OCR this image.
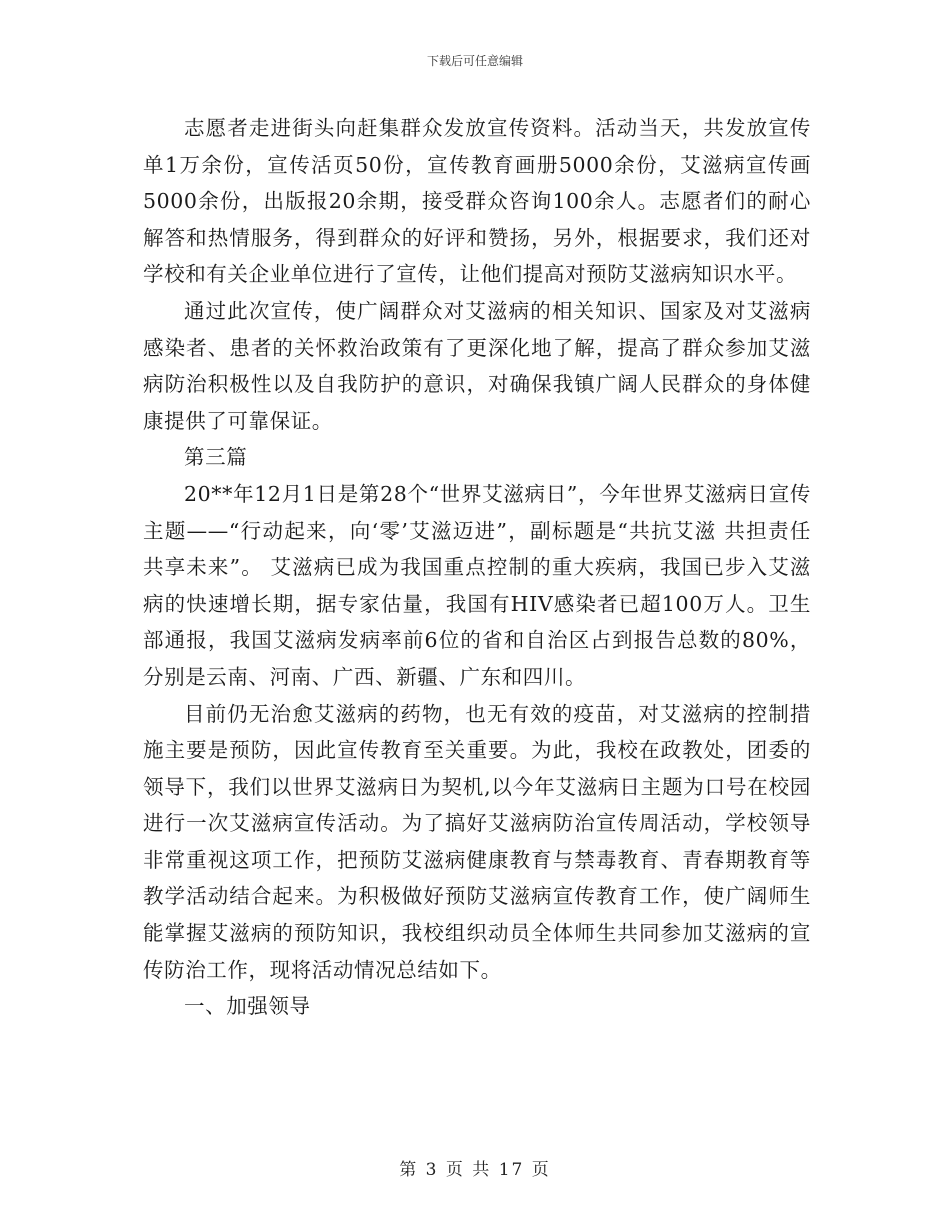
下载后可任意编辑

志愿者走进街头向赶集群众发放宣传资料。活动当天，共发放宣传单1万余份，宣传活页50份，宣传教育画册5000余份，艾滋病宣传画5000余份，出版报20余期，接受群众咨询100余人。志愿者们的耐心解答和热情服务，得到群众的好评和赞扬，另外，根据要求，我们还对学校和有关企业单位进行了宣传，让他们提高对预防艾滋病知识水平。

通过此次宣传，使广阔群众对艾滋病的相关知识、国家及对艾滋病感染者、患者的关怀救治政策有了更深化地了解，提高了群众参加艾滋病防治积极性以及自我防护的意识，对确保我镇广阔人民群众的身体健康提供了可靠保证。

第三篇

20**年12月1日是第28个“世界艾滋病日”，今年世界艾滋病日宣传主题——“行动起来，向‘零’艾滋迈进”，副标题是“共抗艾滋 共担责任 共享未来”。 艾滋病已成为我国重点控制的重大疾病，我国已步入艾滋病的快速增长期，据专家估量，我国有HIV感染者已超100万人。卫生部通报，我国艾滋病发病率前6位的省和自治区占到报告总数的80%，分别是云南、河南、广西、新疆、广东和四川。

目前仍无治愈艾滋病的药物，也无有效的疫苗，对艾滋病的控制措施主要是预防，因此宣传教育至关重要。为此，我校在政教处，团委的领导下，我们以世界艾滋病日为契机,以今年艾滋病日主题为口号在校园进行一次艾滋病宣传活动。为了搞好艾滋病防治宣传周活动，学校领导非常重视这项工作，把预防艾滋病健康教育与禁毒教育、青春期教育等教学活动结合起来。为积极做好预防艾滋病宣传教育工作，使广阔师生能掌握艾滋病的预防知识，我校组织动员全体师生共同参加艾滋病的宣传防治工作，现将活动情况总结如下。

一、加强领导

第 3 页 共 17 页
